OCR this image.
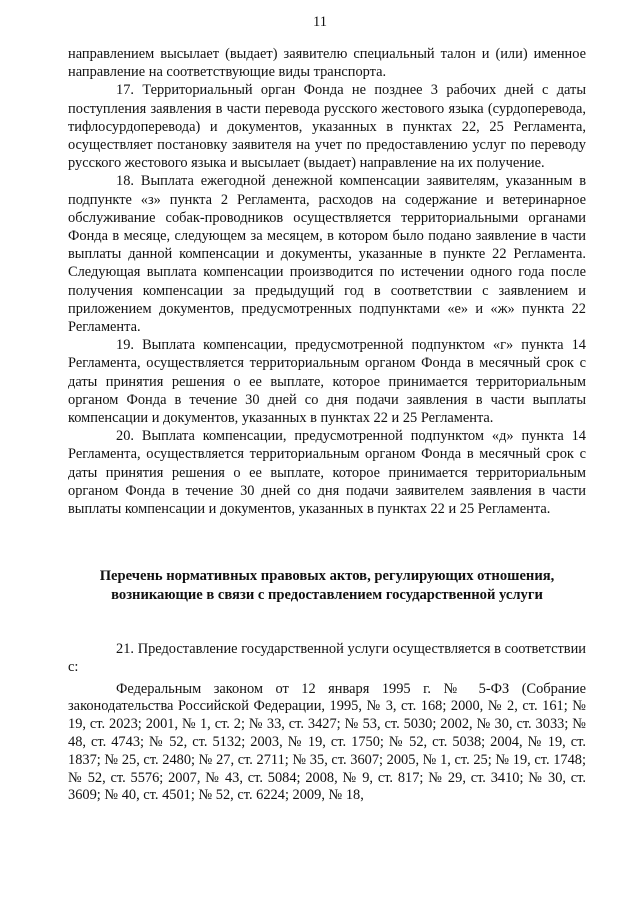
11

направлением высылает (выдает) заявителю специальный талон и (или) именное направление на соответствующие виды транспорта.

17. Территориальный орган Фонда не позднее 3 рабочих дней с даты поступления заявления в части перевода русского жестового языка (сурдоперевода, тифлосурдоперевода) и документов, указанных в пунктах 22, 25 Регламента, осуществляет постановку заявителя на учет по предоставлению услуг по переводу русского жестового языка и высылает (выдает) направление на их получение.

18. Выплата ежегодной денежной компенсации заявителям, указанным в подпункте «з» пункта 2 Регламента, расходов на содержание и ветеринарное обслуживание собак-проводников осуществляется территориальными органами Фонда в месяце, следующем за месяцем, в котором было подано заявление в части выплаты данной компенсации и документы, указанные в пункте 22 Регламента. Следующая выплата компенсации производится по истечении одного года после получения компенсации за предыдущий год в соответствии с заявлением и приложением документов, предусмотренных подпунктами «е» и «ж» пункта 22 Регламента.

19. Выплата компенсации, предусмотренной подпунктом «г» пункта 14 Регламента, осуществляется территориальным органом Фонда в месячный срок с даты принятия решения о ее выплате, которое принимается территориальным органом Фонда в течение 30 дней со дня подачи заявления в части выплаты компенсации и документов, указанных в пунктах 22 и 25 Регламента.

20. Выплата компенсации, предусмотренной подпунктом «д» пункта 14 Регламента, осуществляется территориальным органом Фонда в месячный срок с даты принятия решения о ее выплате, которое принимается территориальным органом Фонда в течение 30 дней со дня подачи заявителем заявления в части выплаты компенсации и документов, указанных в пунктах 22 и 25 Регламента.

Перечень нормативных правовых актов, регулирующих отношения,
возникающие в связи с предоставлением государственной услуги

21. Предоставление государственной услуги осуществляется в соответствии с:

Федеральным законом от 12 января 1995 г. № 5-ФЗ (Собрание законодательства Российской Федерации, 1995, № 3, ст. 168; 2000, № 2, ст. 161; № 19, ст. 2023; 2001, № 1, ст. 2; № 33, ст. 3427; № 53, ст. 5030; 2002, № 30, ст. 3033; № 48, ст. 4743; № 52, ст. 5132; 2003, № 19, ст. 1750; № 52, ст. 5038; 2004, № 19, ст. 1837; № 25, ст. 2480; № 27, ст. 2711; № 35, ст. 3607; 2005, № 1, ст. 25; № 19, ст. 1748; № 52, ст. 5576; 2007, № 43, ст. 5084; 2008, № 9, ст. 817; № 29, ст. 3410; № 30, ст. 3609; № 40, ст. 4501; № 52, ст. 6224; 2009, № 18,
